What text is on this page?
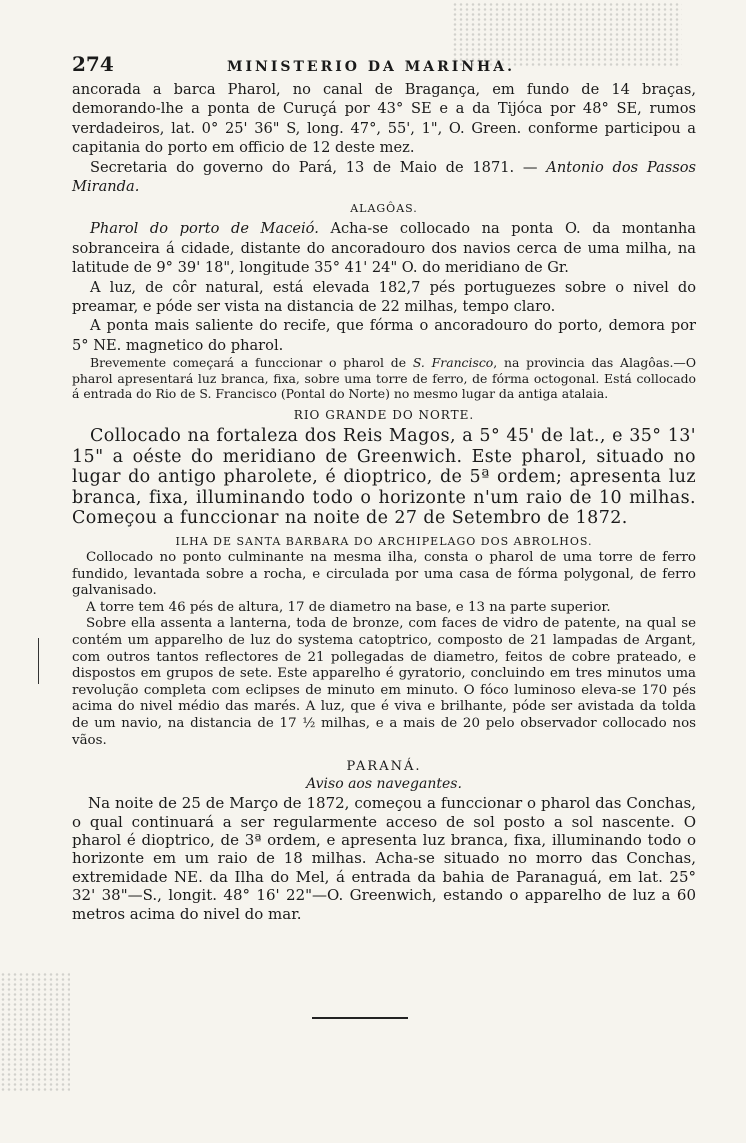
274	MINISTERIO DA MARINHA.

ancorada a barca Pharol, no canal de Bragança, em fundo de 14 braças, demorando-lhe a ponta de Curuçá por 43° SE e a da Tijóca por 48° SE, rumos verdadeiros, lat. 0° 25' 36" S, long. 47°, 55', 1", O. Green. conforme participou a capitania do porto em officio de 12 deste mez.

Secretaria do governo do Pará, 13 de Maio de 1871. — Antonio dos Passos Miranda.

ALAGÔAS.

Pharol do porto de Maceió. Acha-se collocado na ponta O. da montanha sobranceira á cidade, distante do ancoradouro dos navios cerca de uma milha, na latitude de 9° 39' 18", longitude 35° 41' 24" O. do meridiano de Gr.

A luz, de côr natural, está elevada 182,7 pés portuguezes sobre o nivel do preamar, e póde ser vista na distancia de 22 milhas, tempo claro.

A ponta mais saliente do recife, que fórma o ancoradouro do porto, demora por 5° NE. magnetico do pharol.

Brevemente começará a funccionar o pharol de S. Francisco, na provincia das Alagôas.—O pharol apresentará luz branca, fixa, sobre uma torre de ferro, de fórma octogonal. Está collocado á entrada do Rio de S. Francisco (Pontal do Norte) no mesmo lugar da antiga atalaia.

RIO GRANDE DO NORTE.

Collocado na fortaleza dos Reis Magos, a 5° 45' de lat., e 35° 13' 15" a oéste do meridiano de Greenwich. Este pharol, situado no lugar do antigo pharolete, é dioptrico, de 5ª ordem; apresenta luz branca, fixa, illuminando todo o horizonte n'um raio de 10 milhas. Começou a funccionar na noite de 27 de Setembro de 1872.

ILHA DE SANTA BARBARA DO ARCHIPELAGO DOS ABROLHOS.

Collocado no ponto culminante na mesma ilha, consta o pharol de uma torre de ferro fundido, levantada sobre a rocha, e circulada por uma casa de fórma polygonal, de ferro galvanisado.

A torre tem 46 pés de altura, 17 de diametro na base, e 13 na parte superior.

Sobre ella assenta a lanterna, toda de bronze, com faces de vidro de patente, na qual se contém um apparelho de luz do systema catoptrico, composto de 21 lampadas de Argant, com outros tantos reflectores de 21 pollegadas de diametro, feitos de cobre prateado, e dispostos em grupos de sete. Este apparelho é gyratorio, concluindo em tres minutos uma revolução completa com eclipses de minuto em minuto. O fóco luminoso eleva-se 170 pés acima do nivel médio das marés. A luz, que é viva e brilhante, póde ser avistada da tolda de um navio, na distancia de 17 ½ milhas, e a mais de 20 pelo observador collocado nos vãos.

PARANÁ.
Aviso aos navegantes.

Na noite de 25 de Março de 1872, começou a funccionar o pharol das Conchas, o qual continuará a ser regularmente acceso de sol posto a sol nascente. O pharol é dioptrico, de 3ª ordem, e apresenta luz branca, fixa, illuminando todo o horizonte em um raio de 18 milhas. Acha-se situado no morro das Conchas, extremidade NE. da Ilha do Mel, á entrada da bahia de Paranaguá, em lat. 25° 32' 38"—S., longit. 48° 16' 22"—O. Greenwich, estando o apparelho de luz a 60 metros acima do nivel do mar.
